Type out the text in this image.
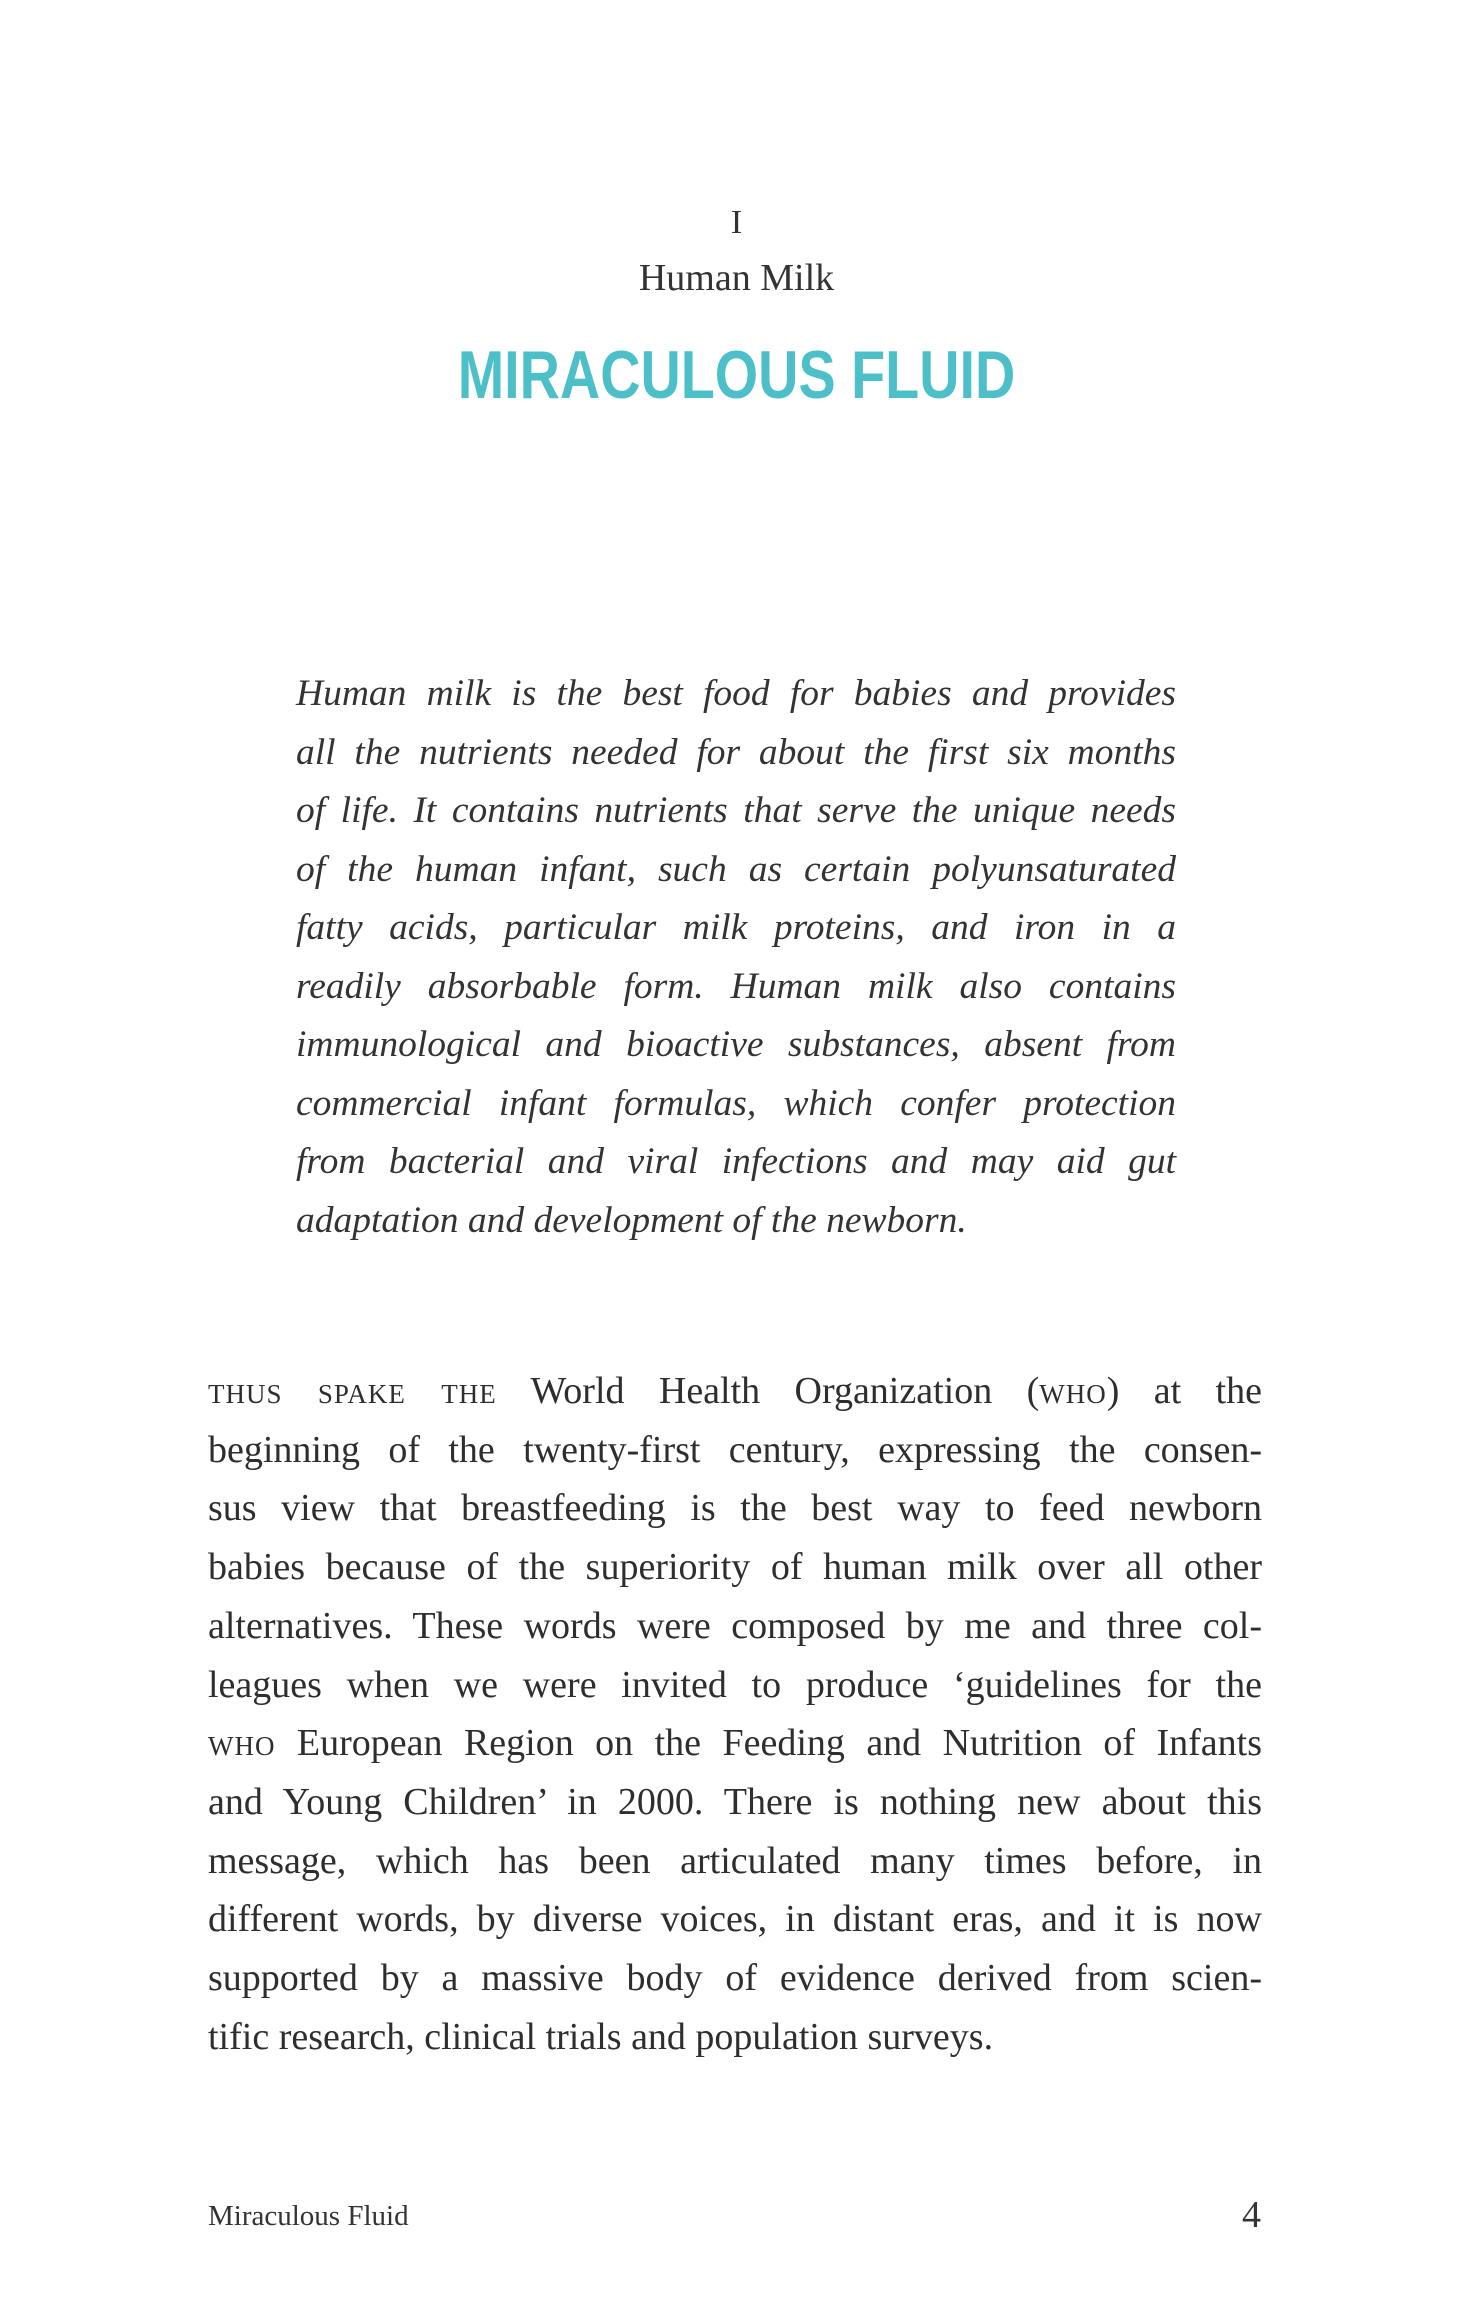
I
Human Milk
MIRACULOUS FLUID
Human milk is the best food for babies and provides
all the nutrients needed for about the first six months
of life. It contains nutrients that serve the unique needs
of the human infant, such as certain polyunsaturated
fatty acids, particular milk proteins, and iron in a
readily absorbable form. Human milk also contains
immunological and bioactive substances, absent from
commercial infant formulas, which confer protection
from bacterial and viral infections and may aid gut
adaptation and development of the newborn.
thus spake the World Health Organization (who) at the
beginning of the twenty-first century, expressing the consen-
sus view that breastfeeding is the best way to feed newborn
babies because of the superiority of human milk over all other
alternatives. These words were composed by me and three col-
leagues when we were invited to produce ‘guidelines for the
who European Region on the Feeding and Nutrition of Infants
and Young Children’ in 2000. There is nothing new about this
message, which has been articulated many times before, in
different words, by diverse voices, in distant eras, and it is now
supported by a massive body of evidence derived from scien-
tific research, clinical trials and population surveys.
Miraculous Fluid	4
